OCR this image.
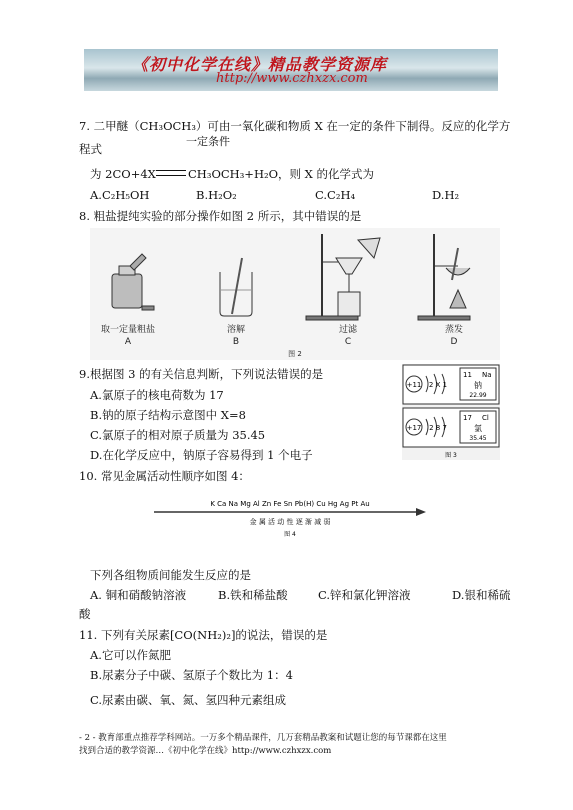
《初中化学在线》精品教学资源库
http://www.czhxzx.com
7. 二甲醚（CH₃OCH₃）可由一氧化碳和物质 X 在一定的条件下制得。反应的化学方
程式
一定条件
为 2CO+4X	CH₃OCH₃+H₂O，则 X 的化学式为
A.C₂H₅OH	B.H₂O₂	C.C₂H₄	D.H₂
8. 粗盐提纯实验的部分操作如图 2 所示，其中错误的是
取一定量粗盐	溶解	过滤	蒸发
A	B	C	D
图 2
9.根据图 3 的有关信息判断，下列说法错误的是
A.氯原子的核电荷数为 17
B.钠的原子结构示意图中 X=8
C.氯原子的相对原子质量为 35.45
D.在化学反应中，钠原子容易得到 1 个电子
+11 2 X 1
11 Na
钠
22.99
+17 2 8 7
17 Cl
氯
35.45
图 3
10. 常见金属活动性顺序如图 4：
K Ca Na Mg Al Zn Fe Sn Pb(H) Cu Hg Ag Pt Au
金 属 活 动 性 逐 渐 减 弱
图 4
下列各组物质间能发生反应的是
A. 铜和硝酸钠溶液	B.铁和稀盐酸	C.锌和氯化钾溶液	D.银和稀硫
酸
11. 下列有关尿素[CO(NH₂)₂]的说法，错误的是
A.它可以作氮肥
B.尿素分子中碳、氢原子个数比为 1：4
C.尿素由碳、氧、氮、氢四种元素组成
- 2 - 教育部重点推荐学科网站。一万多个精品课件，几万套精品教案和试题让您的每节课都在这里
找到合适的教学资源…《初中化学在线》http://www.czhxzx.com
